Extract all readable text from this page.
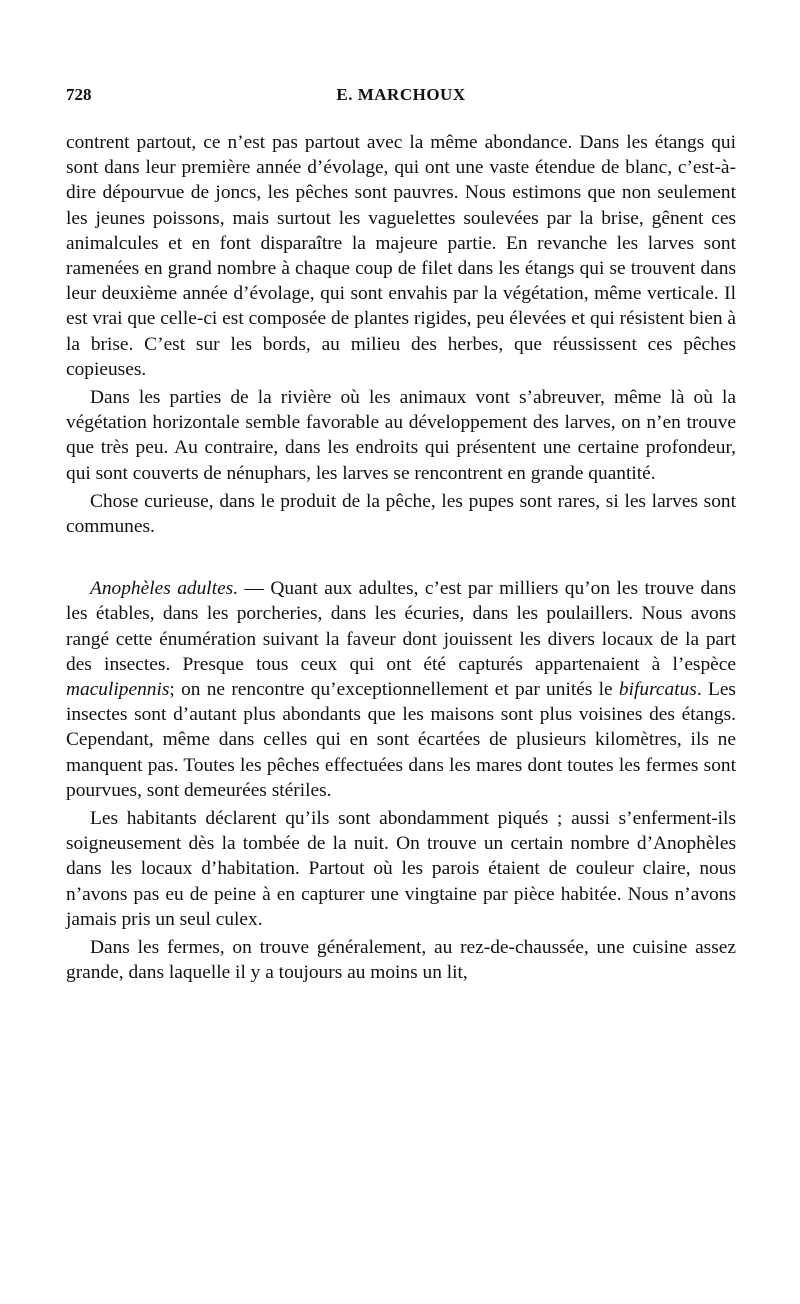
728	E. MARCHOUX

contrent partout, ce n’est pas partout avec la même abondance. Dans les étangs qui sont dans leur première année d’évolage, qui ont une vaste étendue de blanc, c’est-à-dire dépourvue de joncs, les pêches sont pauvres. Nous estimons que non seulement les jeunes poissons, mais surtout les vaguelettes soulevées par la brise, gênent ces animalcules et en font disparaître la majeure partie. En revanche les larves sont ramenées en grand nombre à chaque coup de filet dans les étangs qui se trouvent dans leur deuxième année d’évolage, qui sont envahis par la végétation, même verticale. Il est vrai que celle-ci est composée de plantes rigides, peu élevées et qui résistent bien à la brise. C’est sur les bords, au milieu des herbes, que réussissent ces pêches copieuses.

Dans les parties de la rivière où les animaux vont s’abreuver, même là où la végétation horizontale semble favorable au développement des larves, on n’en trouve que très peu. Au contraire, dans les endroits qui présentent une certaine profondeur, qui sont couverts de nénuphars, les larves se rencontrent en grande quantité.

Chose curieuse, dans le produit de la pêche, les pupes sont rares, si les larves sont communes.

Anophèles adultes. — Quant aux adultes, c’est par milliers qu’on les trouve dans les étables, dans les porcheries, dans les écuries, dans les poulaillers. Nous avons rangé cette énumération suivant la faveur dont jouissent les divers locaux de la part des insectes. Presque tous ceux qui ont été capturés appartenaient à l’espèce maculipennis; on ne rencontre qu’exceptionnellement et par unités le bifurcatus. Les insectes sont d’autant plus abondants que les maisons sont plus voisines des étangs. Cependant, même dans celles qui en sont écartées de plusieurs kilomètres, ils ne manquent pas. Toutes les pêches effectuées dans les mares dont toutes les fermes sont pourvues, sont demeurées stériles.

Les habitants déclarent qu’ils sont abondamment piqués ; aussi s’enferment-ils soigneusement dès la tombée de la nuit. On trouve un certain nombre d’Anophèles dans les locaux d’habitation. Partout où les parois étaient de couleur claire, nous n’avons pas eu de peine à en capturer une vingtaine par pièce habitée. Nous n’avons jamais pris un seul culex.

Dans les fermes, on trouve généralement, au rez-de-chaussée, une cuisine assez grande, dans laquelle il y a toujours au moins un lit,
